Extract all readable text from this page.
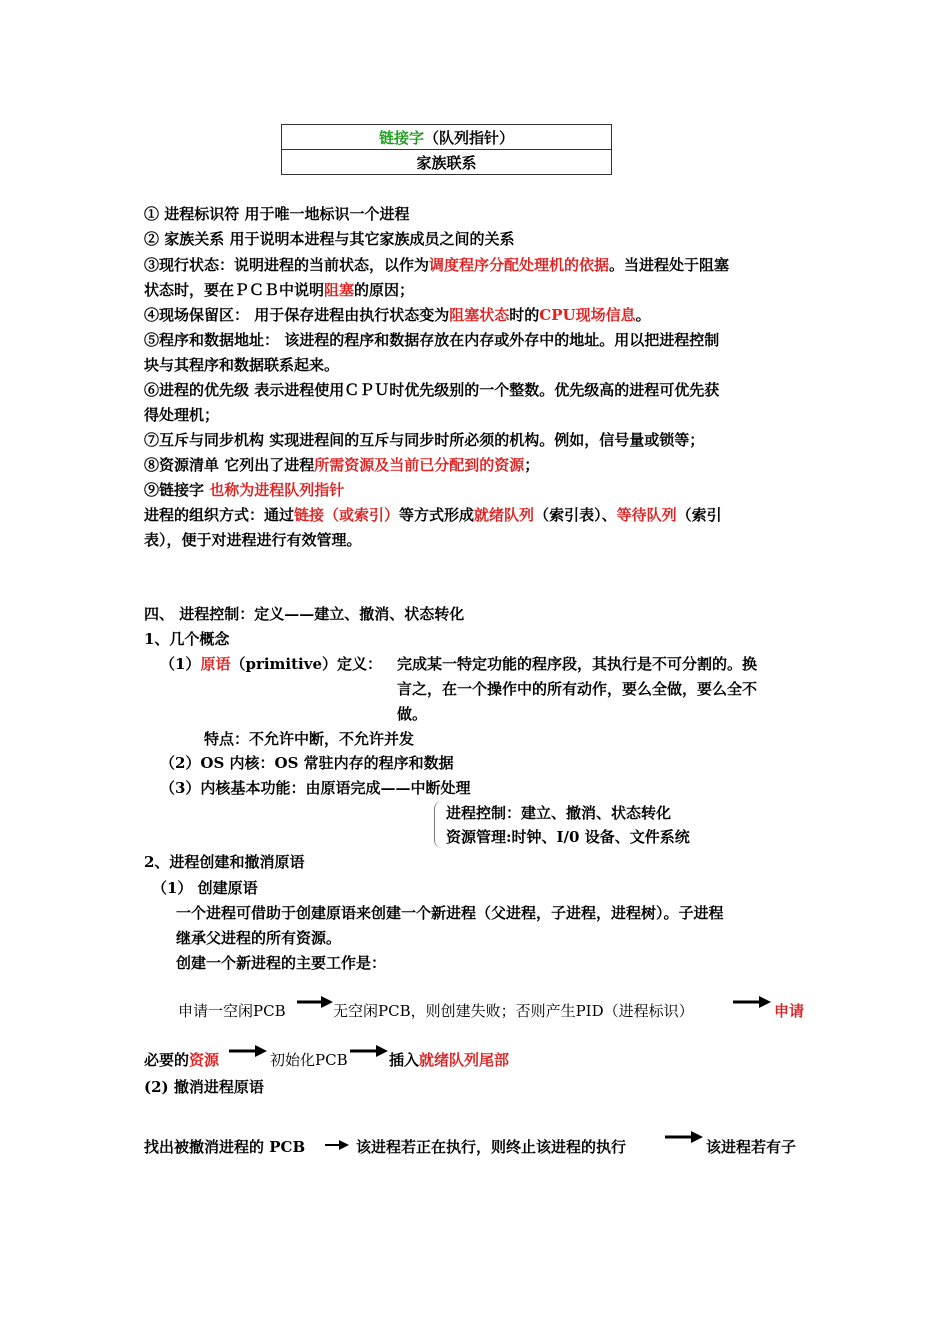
链接字（队列指针）
家族联系
① 进程标识符 用于唯一地标识一个进程
② 家族关系 用于说明本进程与其它家族成员之间的关系
③现行状态：说明进程的当前状态，以作为调度程序分配处理机的依据。当进程处于阻塞
状态时，要在ＰＣＢ中说明阻塞的原因；
④现场保留区： 用于保存进程由执行状态变为阻塞状态时的CPU现场信息。
⑤程序和数据地址： 该进程的程序和数据存放在内存或外存中的地址。用以把进程控制
块与其程序和数据联系起来。
⑥进程的优先级 表示进程使用ＣＰＵ时优先级别的一个整数。优先级高的进程可优先获
得处理机；
⑦互斥与同步机构 实现进程间的互斥与同步时所必须的机构。例如，信号量或锁等；
⑧资源清单 它列出了进程所需资源及当前已分配到的资源；
⑨链接字 也称为进程队列指针
进程的组织方式：通过链接（或索引）等方式形成就绪队列（索引表）、等待队列（索引
表），便于对进程进行有效管理。
四、 进程控制：定义——建立、撤消、状态转化
1、几个概念
（1）原语（primitive）定义： 完成某一特定功能的程序段，其执行是不可分割的。换
言之，在一个操作中的所有动作，要么全做，要么全不
做。
特点：不允许中断，不允许并发
（2）OS 内核：OS 常驻内存的程序和数据
（3）内核基本功能：由原语完成——中断处理
进程控制：建立、撤消、状态转化
资源管理:时钟、I/0 设备、文件系统
2、进程创建和撤消原语
（1） 创建原语
一个进程可借助于创建原语来创建一个新进程（父进程，子进程，进程树）。子进程
继承父进程的所有资源。
创建一个新进程的主要工作是：
申请一空闲PCB	无空闲PCB，则创建失败；否则产生PID（进程标识）	申请
必要的资源	初始化PCB	插入就绪队列尾部
(2) 撤消进程原语
找出被撤消进程的 PCB	该进程若正在执行，则终止该进程的执行	该进程若有子
